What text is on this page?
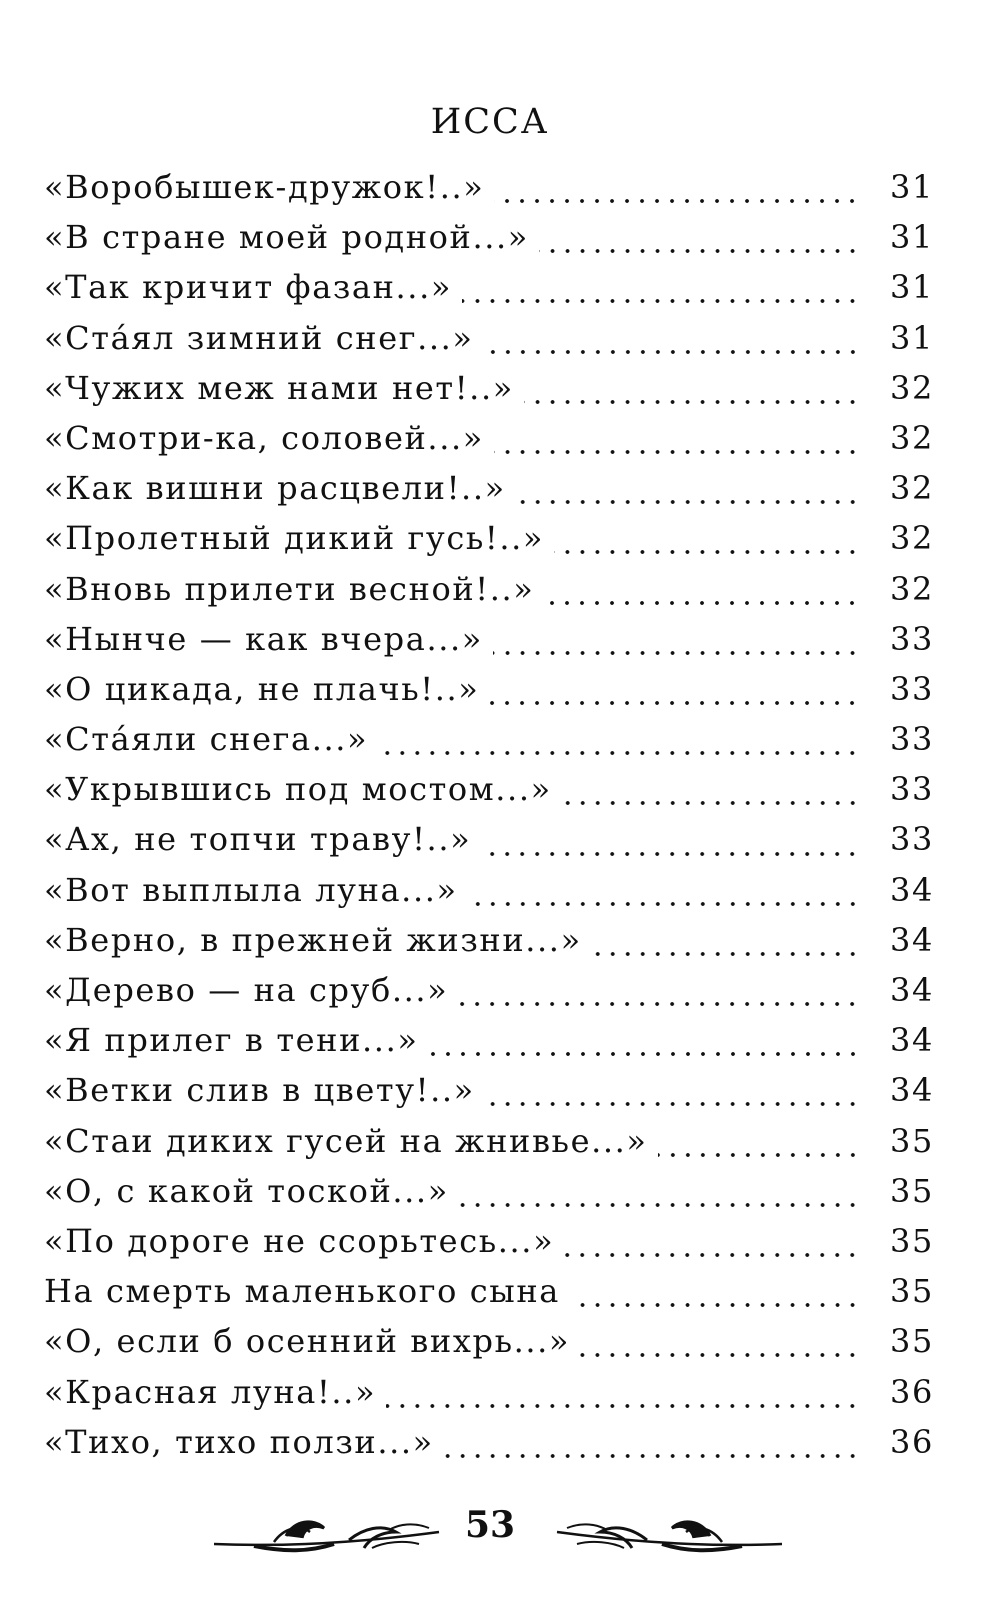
ИССА
«Воробышек-дружок!..»	31
«В стране моей родной...»	31
«Так кричит фазан...»	31
«Ста́ял зимний снег...»	31
«Чужих меж нами нет!..»	32
«Смотри-ка, соловей...»	32
«Как вишни расцвели!..»	32
«Пролетный дикий гусь!..»	32
«Вновь прилети весной!..»	32
«Нынче — как вчера...»	33
«О цикада, не плачь!..»	33
«Ста́яли снега...»	33
«Укрывшись под мостом...»	33
«Ах, не топчи траву!..»	33
«Вот выплыла луна...»	34
«Верно, в прежней жизни...»	34
«Дерево — на сруб...»	34
«Я прилег в тени...»	34
«Ветки слив в цвету!..»	34
«Стаи диких гусей на жнивье...»	35
«О, с какой тоской...»	35
«По дороге не ссорьтесь...»	35
На смерть маленького сына	35
«О, если б осенний вихрь...»	35
«Красная луна!..»	36
«Тихо, тихо ползи...»	36
53
